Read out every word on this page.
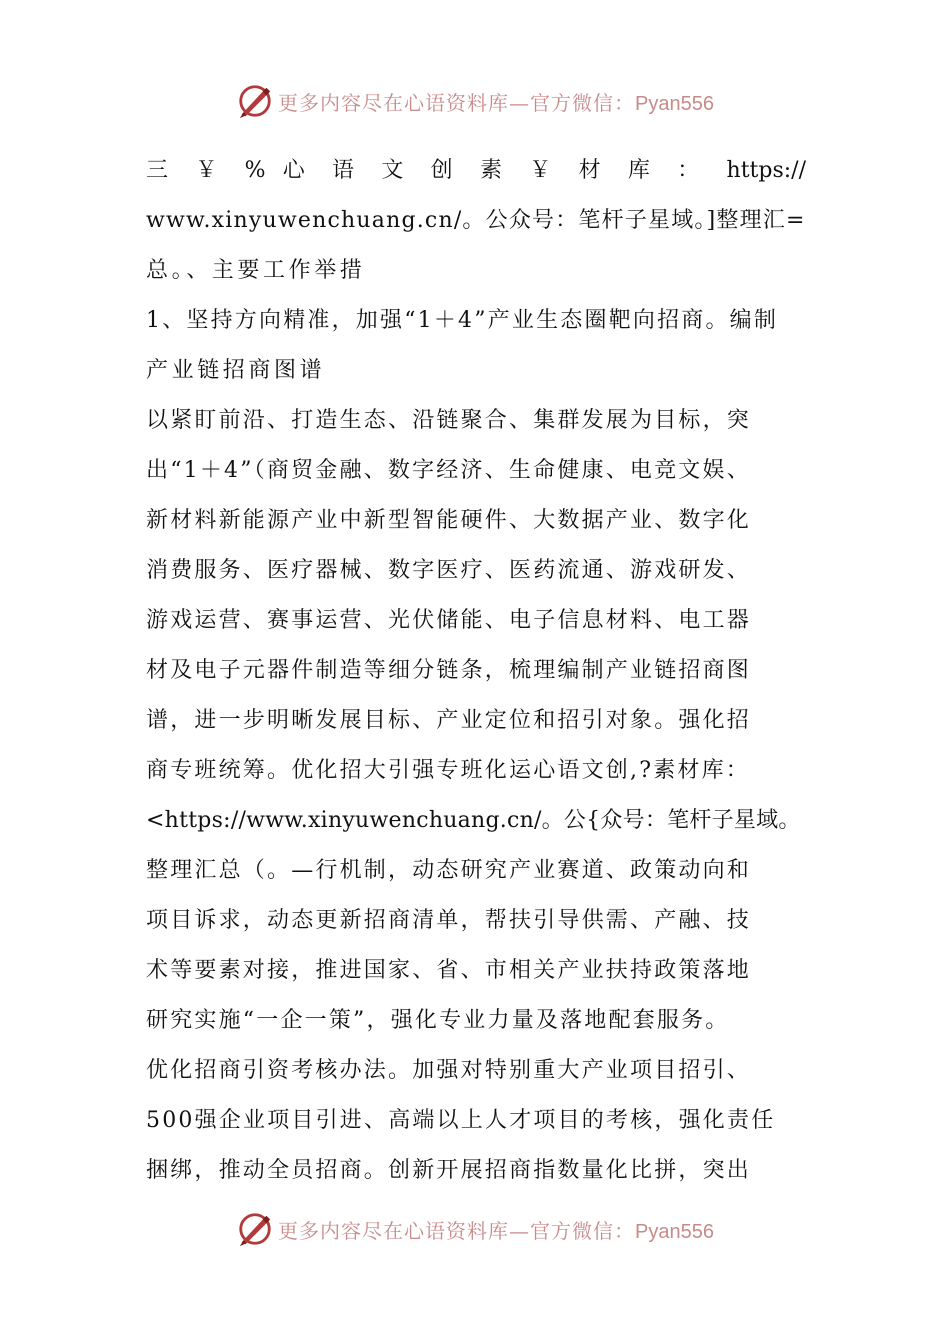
更多内容尽在心语资料库—官方微信：Pyan556
三 ￥ % 心 语 文 创 素 ￥ 材 库 ： https://
www.xinyuwenchuang.cn/。公众号：笔杆子星域。]整理汇=
总。、主要工作举措
1、坚持方向精准，加强“1＋4”产业生态圈靶向招商。编制
产业链招商图谱
以紧盯前沿、打造生态、沿链聚合、集群发展为目标，突
出“1＋4”（商贸金融、数字经济、生命健康、电竞文娱、
新材料新能源产业中新型智能硬件、大数据产业、数字化
消费服务、医疗器械、数字医疗、医药流通、游戏研发、
游戏运营、赛事运营、光伏储能、电子信息材料、电工器
材及电子元器件制造等细分链条，梳理编制产业链招商图
谱，进一步明晰发展目标、产业定位和招引对象。强化招
商专班统筹。优化招大引强专班化运心语文创,?素材库：
<https://www.xinyuwenchuang.cn/。公{众号：笔杆子星域。
整理汇总（。—行机制，动态研究产业赛道、政策动向和
项目诉求，动态更新招商清单，帮扶引导供需、产融、技
术等要素对接，推进国家、省、市相关产业扶持政策落地
研究实施“一企一策”，强化专业力量及落地配套服务。
优化招商引资考核办法。加强对特别重大产业项目招引、
500强企业项目引进、高端以上人才项目的考核，强化责任
捆绑，推动全员招商。创新开展招商指数量化比拼，突出
更多内容尽在心语资料库—官方微信：Pyan556
